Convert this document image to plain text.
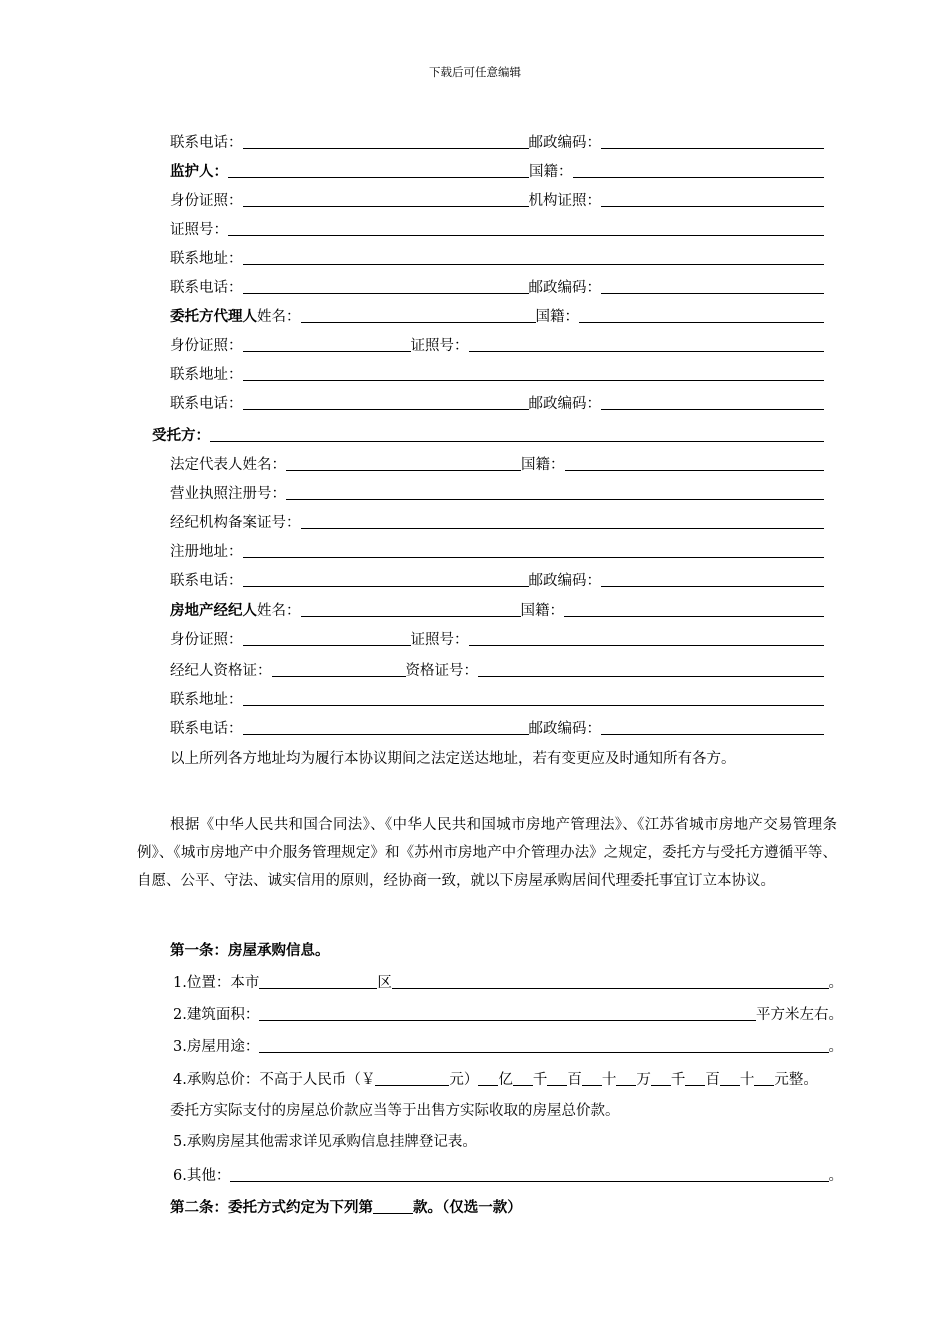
下载后可任意编辑
联系电话：	邮政编码：
监护人：	国籍：
身份证照：	机构证照：
证照号：
联系地址：
联系电话：	邮政编码：
委托方代理人 姓名：	国籍：
身份证照：	证照号：
联系地址：
联系电话：	邮政编码：
受托方：
法定代表人姓名：	国籍：
营业执照注册号：
经纪机构备案证号：
注册地址：
联系电话：	邮政编码：
房地产经纪人 姓名：	国籍：
身份证照：	证照号：
经纪人资格证：	资格证号：
联系地址：
联系电话：	邮政编码：
以上所列各方地址均为履行本协议期间之法定送达地址，若有变更应及时通知所有各方。
根据《中华人民共和国合同法》、《中华人民共和国城市房地产管理法》、《江苏省城市房地产交易管理条例》、《城市房地产中介服务管理规定》和《苏州市房地产中介管理办法》之规定，委托方与受托方遵循平等、自愿、公平、守法、诚实信用的原则，经协商一致，就以下房屋承购居间代理委托事宜订立本协议。
第一条：房屋承购信息。
1.位置：本市	区	。
2.建筑面积：	平方米左右。
3.房屋用途：	。
4.承购总价：不高于人民币（￥	元） 亿 千 百 十 万 千 百 十 元整。
委托方实际支付的房屋总价款应当等于出售方实际收取的房屋总价款。
5.承购房屋其他需求详见承购信息挂牌登记表。
6.其他：	。
第二条：委托方式约定为下列第	款。（仅选一款）
